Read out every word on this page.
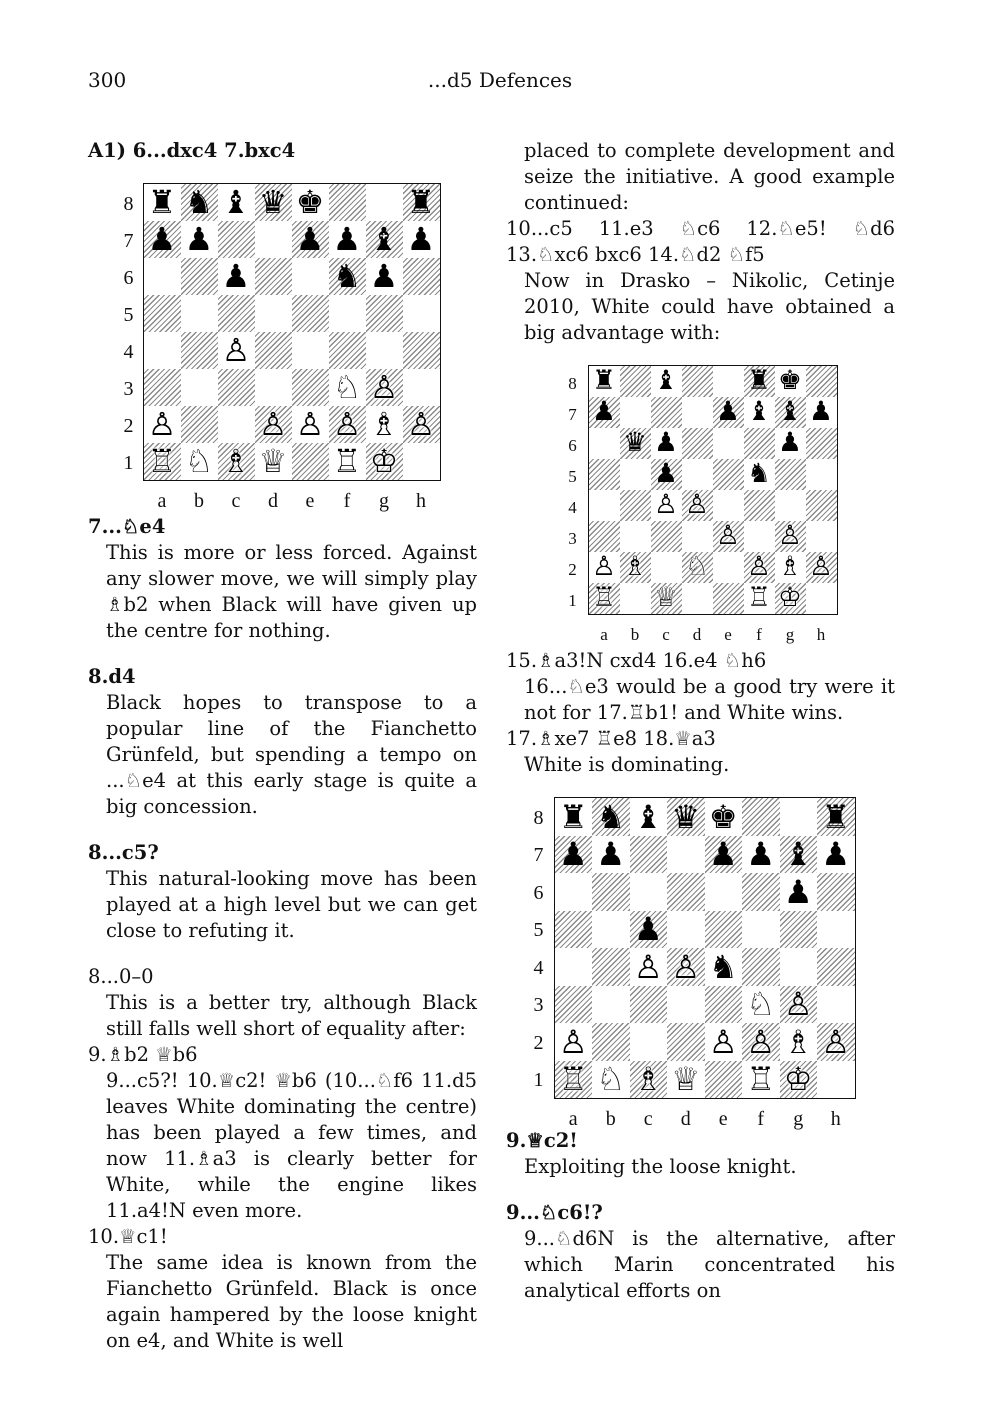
300	...d5 Defences

A1) 6...dxc4 7.bxc4

♜ ♞ ♝ ♛ ♚	♜
♟ ♟	♟ ♟ ♝ ♟
♟	♞ ♟
♙
♘ ♙
♙	♙ ♙ ♙ ♗ ♙
♖ ♘ ♗ ♕ ♖ ♔
8
7
6
5
4
3
2
1
a	b	c	d	e	f	g	h

7...♘e4

This is more or less forced. Against any slower move, we will simply play ♗b2 when Black will have given up the centre for nothing.

8.d4

Black hopes to transpose to a popular line of the Fianchetto Grünfeld, but spending a tempo on ...♘e4 at this early stage is quite a big concession.

8...c5?

This natural-looking move has been played at a high level but we can get close to refuting it.

8...0–0

This is a better try, although Black still falls well short of equality after:

9.♗b2 ♕b6

9...c5?! 10.♕c2! ♕b6 (10...♘f6 11.d5 leaves White dominating the centre) has been played a few times, and now 11.♗a3 is clearly better for White, while the engine likes 11.a4!N even more.

10.♕c1!

The same idea is known from the Fianchetto Grünfeld. Black is once again hampered by the loose knight on e4, and White is well

placed to complete development and seize the initiative. A good example continued:

10...c5 11.e3 ♘c6 12.♘e5! ♘d6 13.♘xc6 bxc6 14.♘d2 ♘f5

Now in Drasko – Nikolic, Cetinje 2010, White could have obtained a big advantage with:

♜ ♝	♜ ♚
♟	♟ ♝ ♝ ♟
♛ ♟	♟
♟	♞
♙ ♙
♙ ♙
♙ ♗ ♘ ♙ ♗ ♙
♖ ♕	♖ ♔
8
7
6
5
4
3
2
1
a	b	c	d	e	f	g	h

15.♗a3!N cxd4 16.e4 ♘h6

16...♘e3 would be a good try were it not for 17.♖b1! and White wins.

17.♗xe7 ♖e8 18.♕a3

White is dominating.

♜ ♞ ♝ ♛ ♚	♜
♟ ♟	♟ ♟ ♝ ♟
♟
♟
♙ ♙ ♞
♘ ♙
♙	♙ ♙ ♗ ♙
♖ ♘ ♗ ♕ ♖ ♔
8
7
6
5
4
3
2
1
a	b	c	d	e	f	g	h

9.♕c2!

Exploiting the loose knight.

9...♘c6!?

9...♘d6N is the alternative, after which Marin concentrated his analytical efforts on
